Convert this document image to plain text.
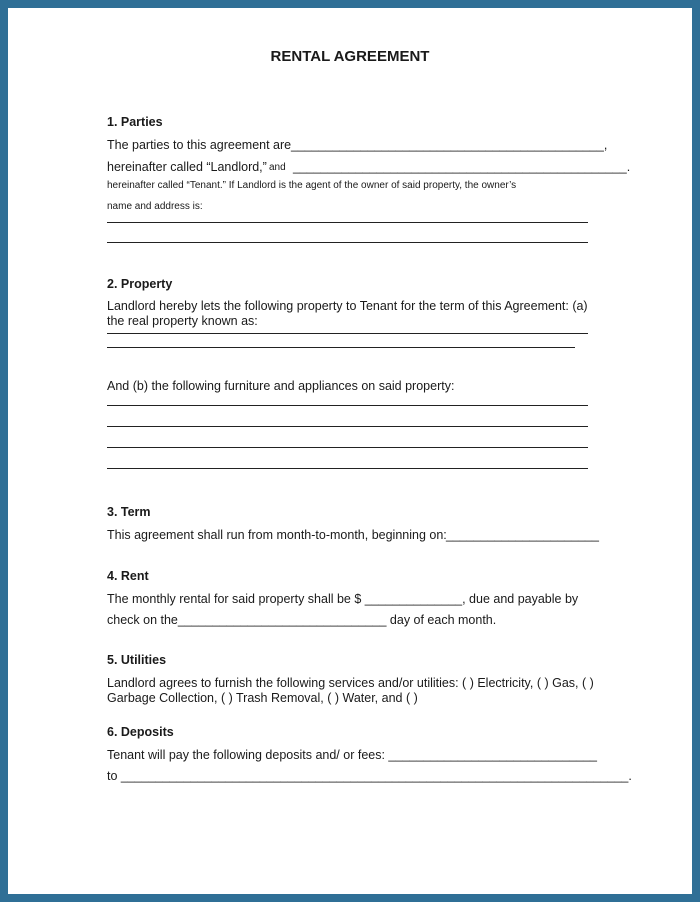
RENTAL AGREEMENT
1. Parties
The parties to this agreement are _____________________________________________,
hereinafter called “Landlord,” and ________________________________________________.
hereinafter called “Tenant.” If Landlord is the agent of the owner of said property, the owner’s
name and address is:
2. Property
Landlord hereby lets the following property to Tenant for the term of this Agreement: (a)
the real property known as:
And (b) the following furniture and appliances on said property:
3. Term
This agreement shall run from month-to-month, beginning on: ______________________
4. Rent
The monthly rental for said property shall be $ ______________, due and payable by
check on the______________________________ day of each month.
5. Utilities
Landlord agrees to furnish the following services and/or utilities: ( ) Electricity, ( ) Gas, ( )
Garbage Collection, ( ) Trash Removal, ( ) Water, and ( )
6. Deposits
Tenant will pay the following deposits and/ or fees: ______________________________
to _________________________________________________________________________.
